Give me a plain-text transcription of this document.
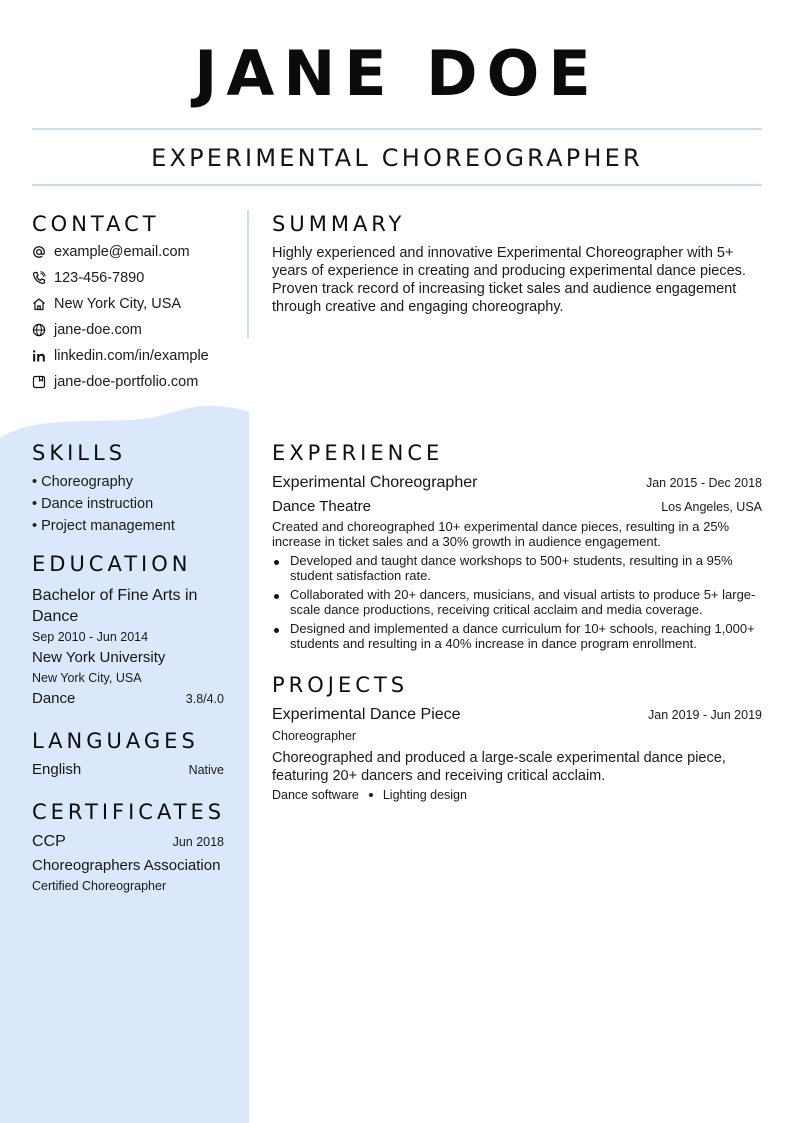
JANE DOE
EXPERIMENTAL CHOREOGRAPHER
CONTACT
example@email.com
123-456-7890
New York City, USA
jane-doe.com
linkedin.com/in/example
jane-doe-portfolio.com
SUMMARY
Highly experienced and innovative Experimental Choreographer with 5+ years of experience in creating and producing experimental dance pieces. Proven track record of increasing ticket sales and audience engagement through creative and engaging choreography.
SKILLS
• Choreography
• Dance instruction
• Project management
EDUCATION
Bachelor of Fine Arts in Dance
Sep 2010 - Jun 2014
New York University
New York City, USA
Dance	3.8/4.0
LANGUAGES
English	Native
CERTIFICATES
CCP	Jun 2018
Choreographers Association
Certified Choreographer
EXPERIENCE
Experimental Choreographer	Jan 2015 - Dec 2018
Dance Theatre	Los Angeles, USA
Created and choreographed 10+ experimental dance pieces, resulting in a 25% increase in ticket sales and a 30% growth in audience engagement.
Developed and taught dance workshops to 500+ students, resulting in a 95% student satisfaction rate.
Collaborated with 20+ dancers, musicians, and visual artists to produce 5+ large-scale dance productions, receiving critical acclaim and media coverage.
Designed and implemented a dance curriculum for 10+ schools, reaching 1,000+ students and resulting in a 40% increase in dance program enrollment.
PROJECTS
Experimental Dance Piece	Jan 2019 - Jun 2019
Choreographer
Choreographed and produced a large-scale experimental dance piece, featuring 20+ dancers and receiving critical acclaim.
Dance software Lighting design
